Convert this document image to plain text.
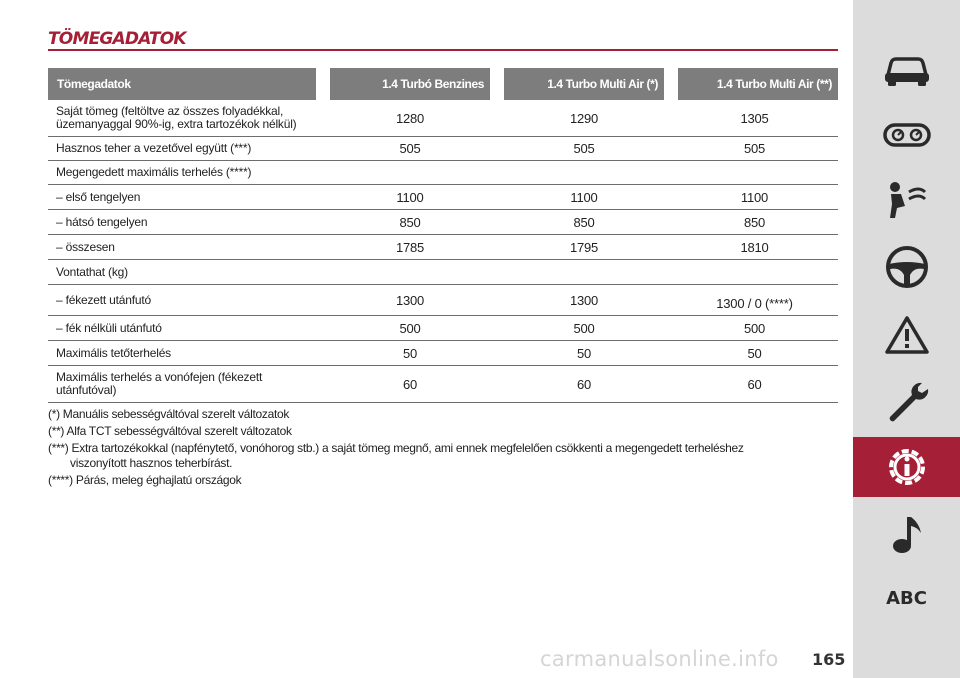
TÖMEGADATOK
Tömegadatok	1.4 Turbó Benzines	1.4 Turbo Multi Air (*)	1.4 Turbo Multi Air (**)
Saját tömeg (feltöltve az összes folyadékkal, üzemanyaggal 90%-ig, extra tartozékok nélkül)	1280	1290	1305
Hasznos teher a vezetővel együtt (***)	505	505	505
Megengedett maximális terhelés (****)			
– első tengelyen	1100	1100	1100
– hátsó tengelyen	850	850	850
– összesen	1785	1795	1810
Vontathat (kg)			
– fékezett utánfutó	1300	1300	1300 / 0 (****)
– fék nélküli utánfutó	500	500	500
Maximális tetőterhelés	50	50	50
Maximális terhelés a vonófejen (fékezett utánfutóval)	60	60	60

(*) Manuális sebességváltóval szerelt változatok

(**) Alfa TCT sebességváltóval szerelt változatok

(***) Extra tartozékokkal (napfénytető, vonóhorog stb.) a saját tömeg megnő, ami ennek megfelelően csökkenti a megengedett terheléshez

viszonyított hasznos teherbírást.

(****) Párás, meleg éghajlatú országok

ABC
carmanualsonline.info 165
